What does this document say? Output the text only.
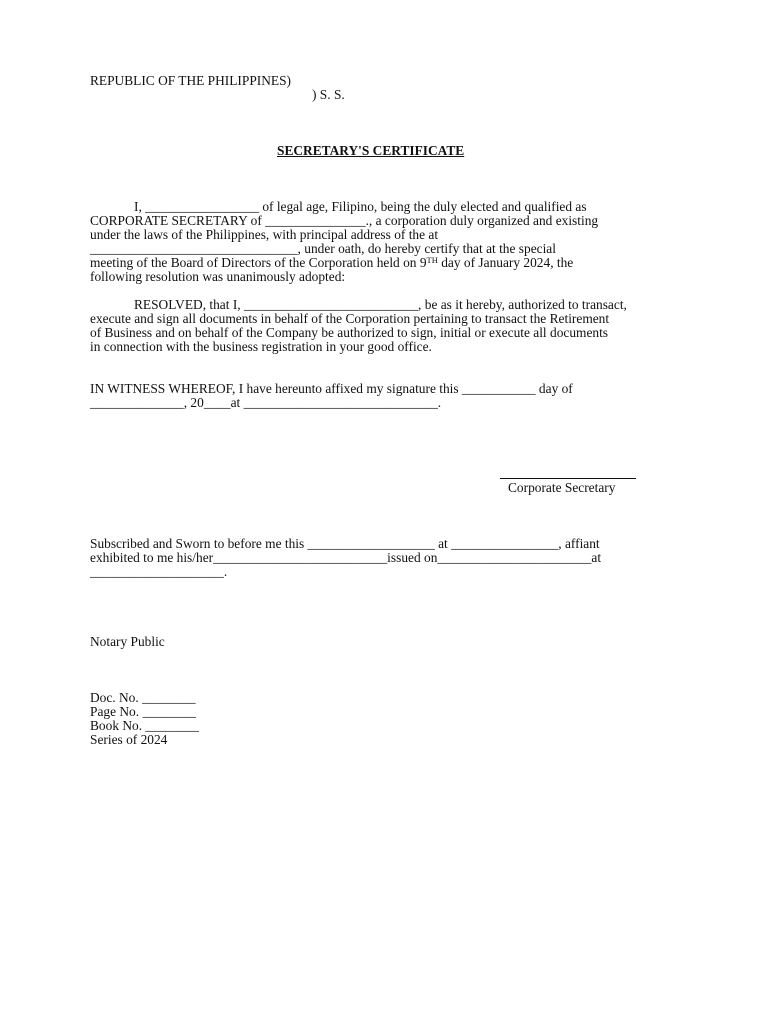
REPUBLIC OF THE PHILIPPINES)
) S. S.
SECRETARY'S CERTIFICATE

I, _________________ of legal age, Filipino, being the duly elected and qualified as

CORPORATE SECRETARY of _______________., a corporation duly organized and existing

under the laws of the Philippines, with principal address of the at

_______________________________, under oath, do hereby certify that at the special

meeting of the Board of Directors of the Corporation held on 9TH day of January 2024, the

following resolution was unanimously adopted:

RESOLVED, that I, __________________________, be as it hereby, authorized to transact,

execute and sign all documents in behalf of the Corporation pertaining to transact the Retirement

of Business and on behalf of the Company be authorized to sign, initial or execute all documents

in connection with the business registration in your good office.

IN WITNESS WHEREOF, I have hereunto affixed my signature this ___________ day of

______________, 20____at _____________________________.

Corporate Secretary

Subscribed and Sworn to before me this ___________________ at ________________, affiant

exhibited to me his/her__________________________issued on_______________________at

____________________.

Notary Public
Doc. No. ________
Page No. ________
Book No. ________
Series of 2024
